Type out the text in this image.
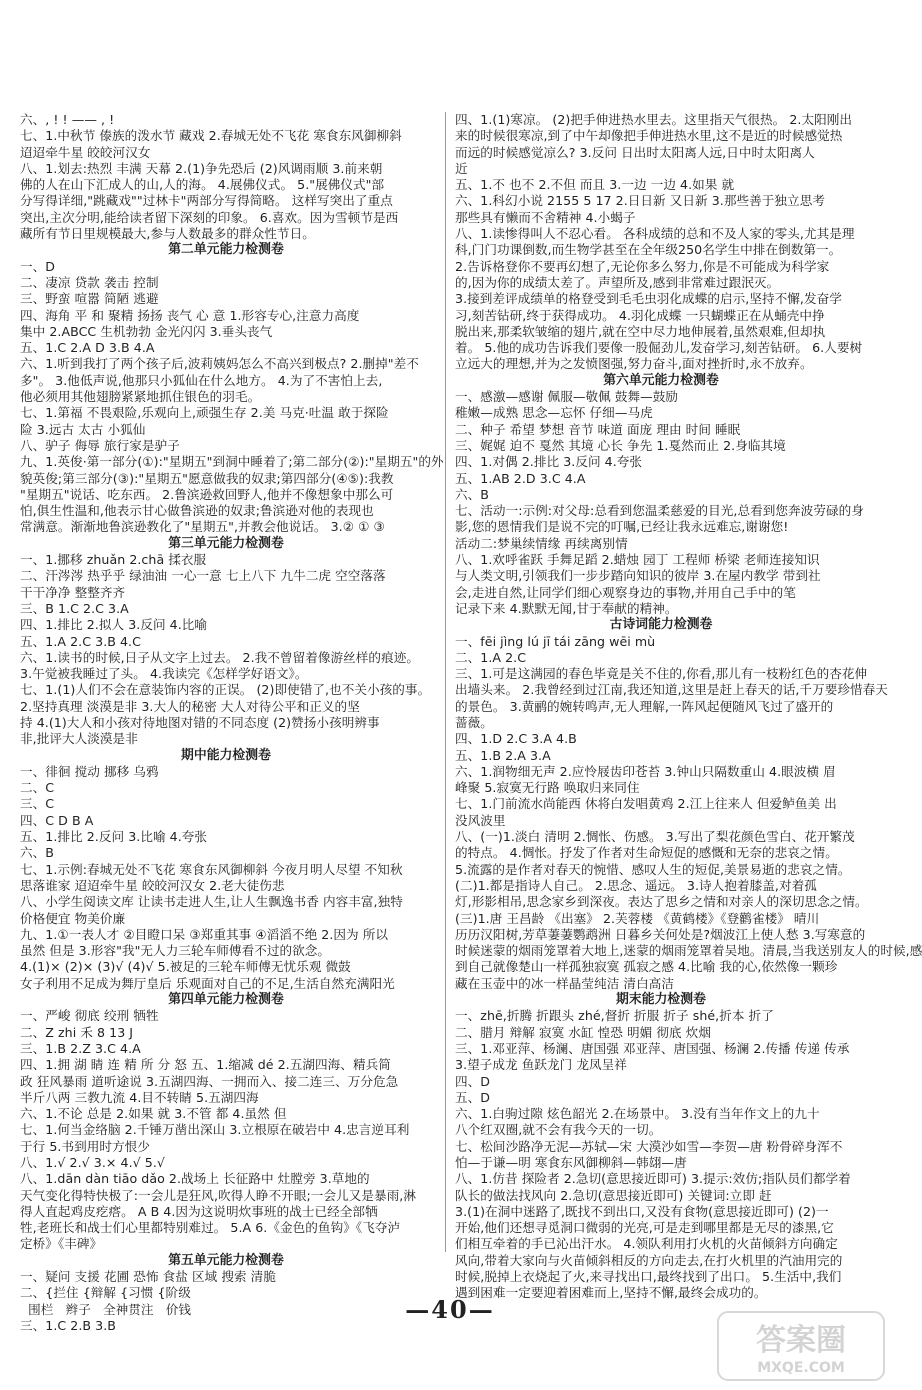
六、, ! ! —— , !
七、1.中秋节 傣族的泼水节 藏戏 2.春城无处不飞花 寒食东风御柳斜
迢迢牵牛星 皎皎河汉女
八、1.划去:热烈 丰满 天幕 2.(1)争先恐后 (2)风调雨顺 3.前来朝
佛的人在山下汇成人的山,人的海。 4.展佛仪式。 5."展佛仪式"部
分写得详细,"跳藏戏""过林卡"两部分写得简略。 这样写突出了重点
突出,主次分明,能给读者留下深刻的印象。 6.喜欢。因为雪顿节是西
藏所有节日里规模最大,参与人数最多的群众性节日。
第二单元能力检测卷
一、D
二、凄凉 贷款 袭击 控制
三、野蛮 喧嚣 简陋 逃避
四、海角 平 和 聚精 扬扬 丧气 心 意 1.形容专心,注意力高度
集中 2.ABCC 生机勃勃 金光闪闪 3.垂头丧气
五、1.C 2.A D 3.B 4.A
六、1.听到我打了两个孩子后,波莉姨妈怎么不高兴到极点? 2.删掉"差不
多"。 3.他低声说,他那只小狐仙在什么地方。 4.为了不害怕上去,
他必须用其他翅膀紧紧地抓住银色的羽毛。
七、1.第福 不畏艰险,乐观向上,顽强生存 2.美 马克·吐温 敢于探险
险 3.远古 太古 小狐仙
八、驴子 侮辱 旅行家是驴子
九、1.英俊·第一部分(①):"星期五"到洞中睡着了;第二部分(②):"星期五"的外
貌英俊;第三部分(③):"星期五"愿意做我的奴隶;第四部分(④⑤):我教
"星期五"说话、吃东西。 2.鲁滨逊救回野人,他并不像想象中那么可
怕,俱生性温和,他表示甘心做鲁滨逊的奴隶;鲁滨逊对他的表现也
常满意。渐渐地鲁滨逊教化了"星期五",并教会他说话。 3.② ① ③
第三单元能力检测卷
一、1.挪移 zhuǎn 2.chā 揉衣服
二、汗涔涔 热乎乎 绿油油 一心一意 七上八下 九牛二虎 空空落落
干干净净 整整齐齐
三、B 1.C 2.C 3.A
四、1.排比 2.拟人 3.反问 4.比喻
五、1.A 2.C 3.B 4.C
六、1.读书的时候,日子从文字上过去。 2.我不曾留着像游丝样的痕迹。
3.午觉被我睡过了头。 4.我读完《怎样学好语文》。
七、1.(1)人们不会在意装饰内容的正误。 (2)即使错了,也不关小孩的事。
2.坚持真理 淡漠是非 3.大人的秘密 大人对待公平和正义的坚
持 4.(1)大人和小孩对待地图对错的不同态度 (2)赞扬小孩明辨事
非,批评大人淡漠是非
期中能力检测卷
一、徘徊 搅动 挪移 乌鸦
二、C
三、C
四、C D B A
五、1.排比 2.反问 3.比喻 4.夸张
六、B
七、1.示例:春城无处不飞花 寒食东风御柳斜 今夜月明人尽望 不知秋
思落谁家 迢迢牵牛星 皎皎河汉女 2.老大徒伤悲
八、小学生阅读文库 让读书走进人生,让人生飘逸书香 内容丰富,独特
价格便宜 物美价廉
九、1.①一表人才 ②目瞪口呆 ③郑重其事 ④滔滔不绝 2.因为 所以
虽然 但是 3.形容"我"无人力三轮车师傅看不过的欲念。
4.(1)× (2)× (3)√ (4)√ 5.被足的三轮车师傅无忧乐观 微鼓
女子利用不足成为舞厅皇后 乐观面对自己的不足,生活自然充满阳光
第四单元能力检测卷
一、严峻 彻底 绞刑 牺牲
二、Z zhi 禾 8 13 J
三、1.B 2.Z 3.C 4.A
四、1.拥 湖 睛 连 精 所 分 怒 五、1.缩减 dé 2.五湖四海、精兵简
政 狂风暴雨 道听途说 3.五湖四海、一拥而入、接二连三、万分危急
半斤八两 三教九流 4.目不转睛 5.五湖四海
六、1.不论 总是 2.如果 就 3.不管 都 4.虽然 但
七、1.何当金络脑 2.千锤万凿出深山 3.立根原在破岩中 4.忠言逆耳利
于行 5.书到用时方恨少
八、1.√ 2.√ 3.× 4.√ 5.√
八、1.dān dàn tiāo dǎo 2.战场上 长征路中 灶膛旁 3.草地的
天气变化得特快极了:一会儿是狂风,吹得人睁不开眼;一会儿又是暴雨,淋
得人直起鸡皮疙瘩。 A B 4.因为这说明炊事班的战士已经全部牺
牲,老班长和战士们心里都特别难过。 5.A 6.《金色的鱼钩》《飞夺泸
定桥》《丰碑》
第五单元能力检测卷
一、疑问 支援 花圃 恐怖 食盐 区域 搜索 清脆
二、{拦住 {辩解 {习惯 {阶级
围栏   辫子   全神贯注   价钱
三、1.C 2.B 3.B
四、1.(1)寒凉。 (2)把手伸进热水里去。这里指天气很热。 2.太阳刚出
来的时候很寒凉,到了中午却像把手伸进热水里,这不是近的时候感觉热
而远的时候感觉凉么? 3.反问 日出时太阳离人远,日中时太阳离人
近
五、1.不 也不 2.不但 而且 3.一边 一边 4.如果 就
六、1.科幻小说 2155 5 17 2.日日新 又日新 3.那些善于独立思考
那些具有懒而不舍精神 4.小蝎子
八、1.读惨得叫人不忍心看。 各科成绩的总和不及人家的零头,尤其是理
科,门门功课倒数,而生物学甚至在全年级250名学生中排在倒数第一。
2.告诉格登你不要再幻想了,无论你多么努力,你是不可能成为科学家
的,因为你的成绩太差了。声望所及,感到非常难过跟泯灭。
3.接到差评成绩单的格登受到毛毛虫羽化成蝶的启示,坚持不懈,发奋学
习,刻苦钻研,终于获得成功。 4.羽化成蝶 一只蝴蝶正在从蛹壳中挣
脱出来,那柔软皱缩的翅片,就在空中尽力地伸展着,虽然艰难,但却执
着。 5.他的成功告诉我们要像一股倔劲儿,发奋学习,刻苦钻研。 6.人要树
立远大的理想,并为之发愤图强,努力奋斗,面对挫折时,永不放弃。
第六单元能力检测卷
一、感激—感谢 佩服—敬佩 鼓舞—鼓励
稚嫩—成熟 思念—忘怀 仔细—马虎
二、种子 希望 梦想 音节 味道 面庞 理由 时间 睡眠
三、娓娓 迫不 戛然 其境 心长 争先 1.戛然而止 2.身临其境
四、1.对偶 2.排比 3.反问 4.夸张
五、1.AB 2.D 3.C 4.A
六、B
七、活动一:示例:对父母:总看到您温柔慈爱的目光,总看到您奔波劳碌的身
影,您的恩情我们是说不完的叮嘱,已经让我永远难忘,谢谢您!
活动二:梦巢续情缘 再续离别情
八、1.欢呼雀跃 手舞足蹈 2.蜡烛 园丁 工程师 桥梁 老师连接知识
与人类文明,引领我们一步步踏向知识的彼岸 3.在屋内教学 带到社
会,走进自然,让同学们细心观察身边的事物,并用自己手中的笔
记录下来 4.默默无闻,甘于奉献的精神。
古诗词能力检测卷
一、fēi jìng lú jī tái zāng wēi mù
二、1.A 2.C
三、1.可是这满园的春色毕竟是关不住的,你看,那儿有一枝粉红色的杏花伸
出墙头来。 2.我曾经到过江南,我还知道,这里是赶上春天的话,千万要珍惜春天
的景色。 3.黄鹂的婉转鸣声,无人理解,一阵风起便随风飞过了盛开的
蔷薇。
四、1.D 2.C 3.A 4.B
五、1.B 2.A 3.A
六、1.润物细无声 2.应怜屐齿印苍苔 3.钟山只隔数重山 4.眼波横 眉
峰聚 5.寂寞无行路 唤取归来同住
七、1.门前流水尚能西 休将白发唱黄鸡 2.江上往来人 但爱鲈鱼美 出
没风波里
八、(一)1.淡白 清明 2.惆怅、伤感。 3.写出了梨花颜色雪白、花开繁茂
的特点。 4.惆怅。抒发了作者对生命短促的感慨和无奈的悲哀之情。
5.流露的是作者对春天的惋惜、感叹人生的短促,美景易逝的悲哀之情。
(二)1.都是指诗人自己。 2.思念、遥远。 3.诗人抱着膝盖,对着孤
灯,形影相吊,思念家乡到深夜。表达了思乡之情和对亲人的深切思念之情。
(三)1.唐 王昌龄 《出塞》 2.芙蓉楼 《黄鹤楼》《登鹳雀楼》 晴川
历历汉阳树,芳草萋萋鹦鹉洲 日暮乡关何处是?烟波江上使人愁 3.写寒意的
时候迷蒙的烟雨笼罩着大地上,迷蒙的烟雨笼罩着吴地。清晨,当我送别友人的时候,感
到自己就像楚山一样孤独寂寞 孤寂之感 4.比喻 我的心,依然像一颗珍
藏在玉壶中的冰一样晶莹纯洁 清白高洁
期末能力检测卷
一、zhē,折腾 折跟头 zhé,督折 折服 折子 shé,折本 折了
二、腊月 辩解 寂寞 水缸 惶恐 明媚 彻底 炊烟
三、1.邓亚萍、杨澜、唐国强 邓亚萍、唐国强、杨澜 2.传播 传递 传承
3.望子成龙 鱼跃龙门 龙凤呈祥
四、D
五、D
六、1.白驹过隙 炫色韶光 2.在场景中。 3.没有当年作文上的九十
八个红双圈,就不会有我今天的一切。
七、松间沙路净无泥—苏轼—宋 大漠沙如雪—李贺—唐 粉骨碎身浑不
怕—于谦—明 寒食东风御柳斜—韩翃—唐
八、1.仿昔 探险者 2.急切(意思接近即可) 3.提示:效仿;指队员们都学着
队长的做法找风向 2.急切(意思接近即可) 关键词:立即 赶
3.(1)在洞中迷路了,既找不到出口,又没有食物(意思接近即可) (2)一
开始,他们还想寻觅洞口微弱的光亮,可是走到哪里都是无尽的漆黑,它
们相互牵着的手已沁出汗水。 4.领队利用打火机的火苗倾斜方向确定
风向,带着大家向与火苗倾斜相反的方向走去,在打火机里的汽油用完的
时候,脱掉上衣烧起了火,来寻找出口,最终找到了出口。 5.生活中,我们
遇到困难一定要迎着困难而上,坚持不懈,最终会成功的。
—40—
答案圈
MXQE.COM
